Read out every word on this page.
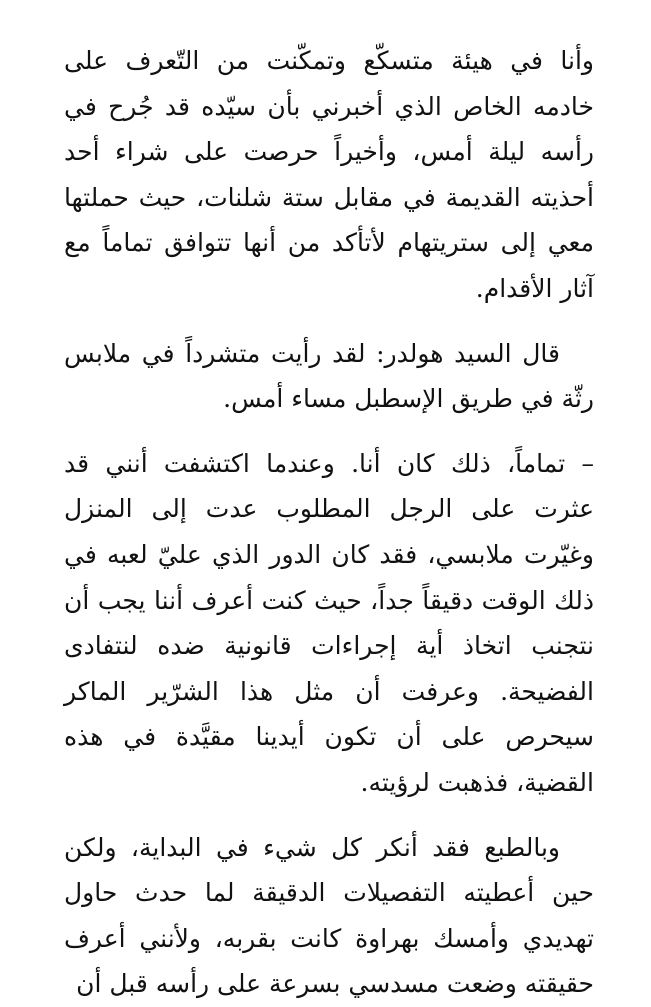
وأنا في هيئة متسكّع وتمكّنت من التّعرف على خادمه الخاص الذي أخبرني بأن سيّده قد جُرح في رأسه ليلة أمس، وأخيراً حرصت على شراء أحد أحذيته القديمة في مقابل ستة شلنات، حيث حملتها معي إلى ستريتهام لأتأكد من أنها تتوافق تماماً مع آثار الأقدام.

قال السيد هولدر: لقد رأيت متشرداً في ملابس رثّة في طريق الإسطبل مساء أمس.

– تماماً، ذلك كان أنا. وعندما اكتشفت أنني قد عثرت على الرجل المطلوب عدت إلى المنزل وغيّرت ملابسي، فقد كان الدور الذي عليّ لعبه في ذلك الوقت دقيقاً جداً، حيث كنت أعرف أننا يجب أن نتجنب اتخاذ أية إجراءات قانونية ضده لنتفادى الفضيحة. وعرفت أن مثل هذا الشرّير الماكر سيحرص على أن تكون أيدينا مقيَّدة في هذه القضية، فذهبت لرؤيته.

وبالطبع فقد أنكر كل شيء في البداية، ولكن حين أعطيته التفصيلات الدقيقة لما حدث حاول تهديدي وأمسك بهراوة كانت بقربه، ولأنني أعرف حقيقته وضعت مسدسي بسرعة على رأسه قبل أن
